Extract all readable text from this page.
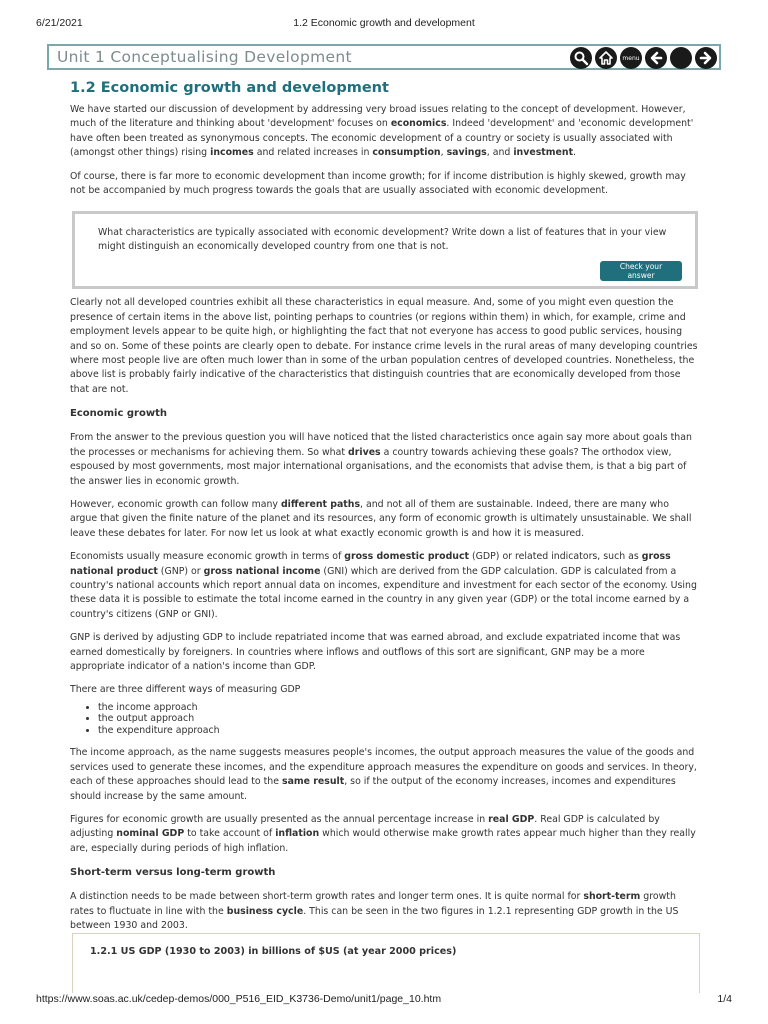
6/21/2021	1.2 Economic growth and development
Unit 1 Conceptualising Development	menu
1.2 Economic growth and development

We have started our discussion of development by addressing very broad issues relating to the concept of development. However, much of the literature and thinking about 'development' focuses on economics. Indeed 'development' and 'economic development' have often been treated as synonymous concepts. The economic development of a country or society is usually associated with (amongst other things) rising incomes and related increases in consumption, savings, and investment.

Of course, there is far more to economic development than income growth; for if income distribution is highly skewed, growth may not be accompanied by much progress towards the goals that are usually associated with economic development.

Clearly not all developed countries exhibit all these characteristics in equal measure. And, some of you might even question the presence of certain items in the above list, pointing perhaps to countries (or regions within them) in which, for example, crime and employment levels appear to be quite high, or highlighting the fact that not everyone has access to good public services, housing and so on. Some of these points are clearly open to debate. For instance crime levels in the rural areas of many developing countries where most people live are often much lower than in some of the urban population centres of developed countries. Nonetheless, the above list is probably fairly indicative of the characteristics that distinguish countries that are economically developed from those that are not.

Economic growth

From the answer to the previous question you will have noticed that the listed characteristics once again say more about goals than the processes or mechanisms for achieving them. So what drives a country towards achieving these goals? The orthodox view, espoused by most governments, most major international organisations, and the economists that advise them, is that a big part of the answer lies in economic growth.

However, economic growth can follow many different paths, and not all of them are sustainable. Indeed, there are many who argue that given the finite nature of the planet and its resources, any form of economic growth is ultimately unsustainable. We shall leave these debates for later. For now let us look at what exactly economic growth is and how it is measured.

Economists usually measure economic growth in terms of gross domestic product (GDP) or related indicators, such as gross national product (GNP) or gross national income (GNI) which are derived from the GDP calculation. GDP is calculated from a country's national accounts which report annual data on incomes, expenditure and investment for each sector of the economy. Using these data it is possible to estimate the total income earned in the country in any given year (GDP) or the total income earned by a country's citizens (GNP or GNI).

GNP is derived by adjusting GDP to include repatriated income that was earned abroad, and exclude expatriated income that was earned domestically by foreigners. In countries where inflows and outflows of this sort are significant, GNP may be a more appropriate indicator of a nation's income than GDP.

There are three different ways of measuring GDP

• the income approach
• the output approach
• the expenditure approach

The income approach, as the name suggests measures people's incomes, the output approach measures the value of the goods and services used to generate these incomes, and the expenditure approach measures the expenditure on goods and services. In theory, each of these approaches should lead to the same result, so if the output of the economy increases, incomes and expenditures should increase by the same amount.

Figures for economic growth are usually presented as the annual percentage increase in real GDP. Real GDP is calculated by adjusting nominal GDP to take account of inflation which would otherwise make growth rates appear much higher than they really are, especially during periods of high inflation.

Short-term versus long-term growth

A distinction needs to be made between short-term growth rates and longer term ones. It is quite normal for short-term growth rates to fluctuate in line with the business cycle. This can be seen in the two figures in 1.2.1 representing GDP growth in the US between 1930 and 2003.

What characteristics are typically associated with economic development? Write down a list of features that in your view might distinguish an economically developed country from one that is not.

Check your answer
1.2.1 US GDP (1930 to 2003) in billions of $US (at year 2000 prices)
https://www.soas.ac.uk/cedep-demos/000_P516_EID_K3736-Demo/unit1/page_10.htm	1/4
